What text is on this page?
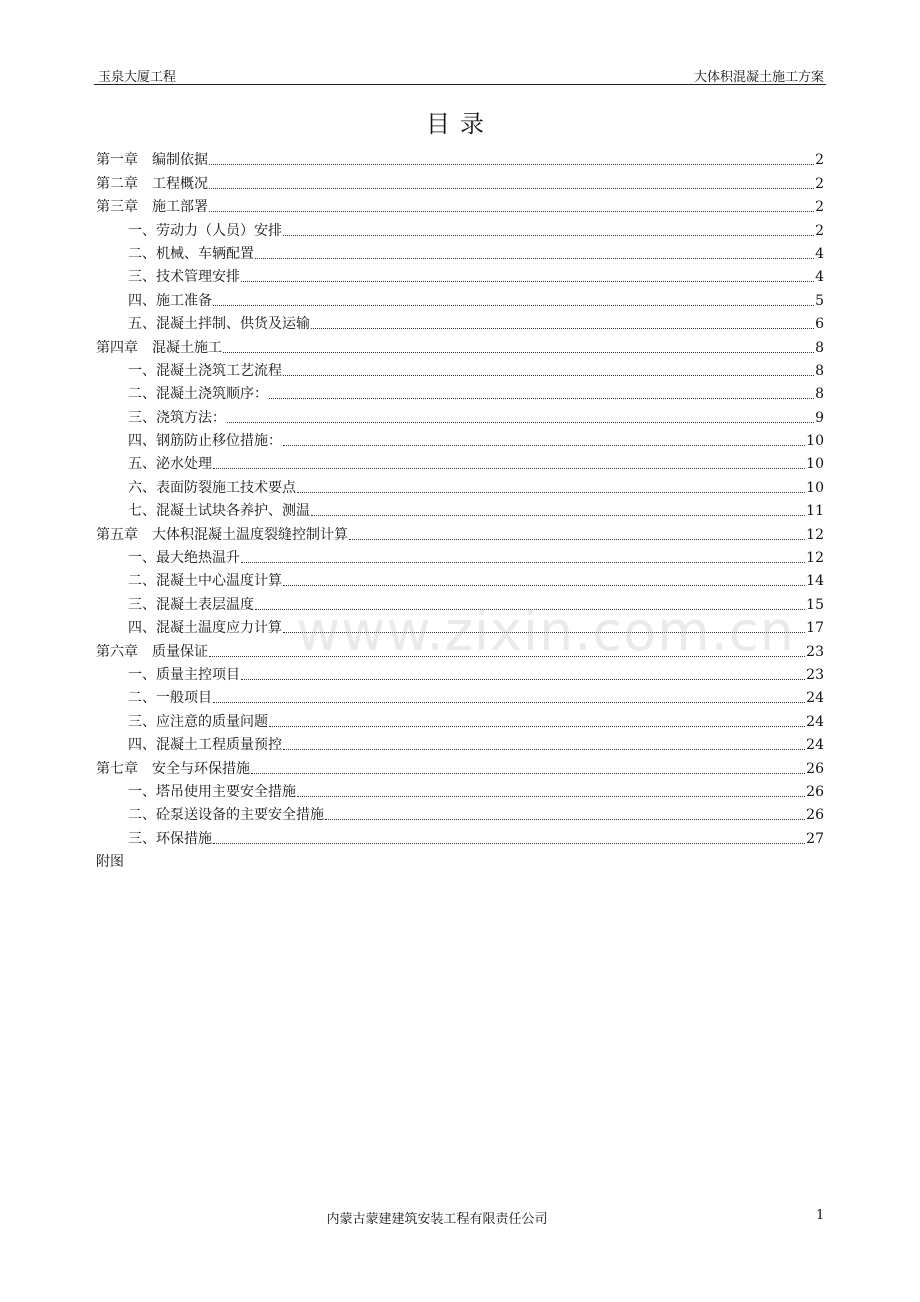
玉泉大厦工程	大体积混凝土施工方案
目录
第一章　编制依据	2
第二章　工程概况	2
第三章　施工部署	2
一、劳动力（人员）安排	2
二、机械、车辆配置	4
三、技术管理安排	4
四、施工准备	5
五、混凝土拌制、供货及运输	6
第四章　混凝土施工	8
一、混凝土浇筑工艺流程	8
二、混凝土浇筑顺序：	8
三、浇筑方法：	9
四、钢筋防止移位措施：	10
五、泌水处理	10
六、表面防裂施工技术要点	10
七、混凝土试块各养护、测温	11
第五章　大体积混凝土温度裂缝控制计算	12
一、最大绝热温升	12
二、混凝土中心温度计算	14
三、混凝土表层温度	15
四、混凝土温度应力计算	17
第六章　质量保证	23
一、质量主控项目	23
二、一般项目	24
三、应注意的质量问题	24
四、混凝土工程质量预控	24
第七章　安全与环保措施	26
一、塔吊使用主要安全措施	26
二、砼泵送设备的主要安全措施	26
三、环保措施	27
附图
www.zixin.com.cn
内蒙古蒙建建筑安装工程有限责任公司	1
